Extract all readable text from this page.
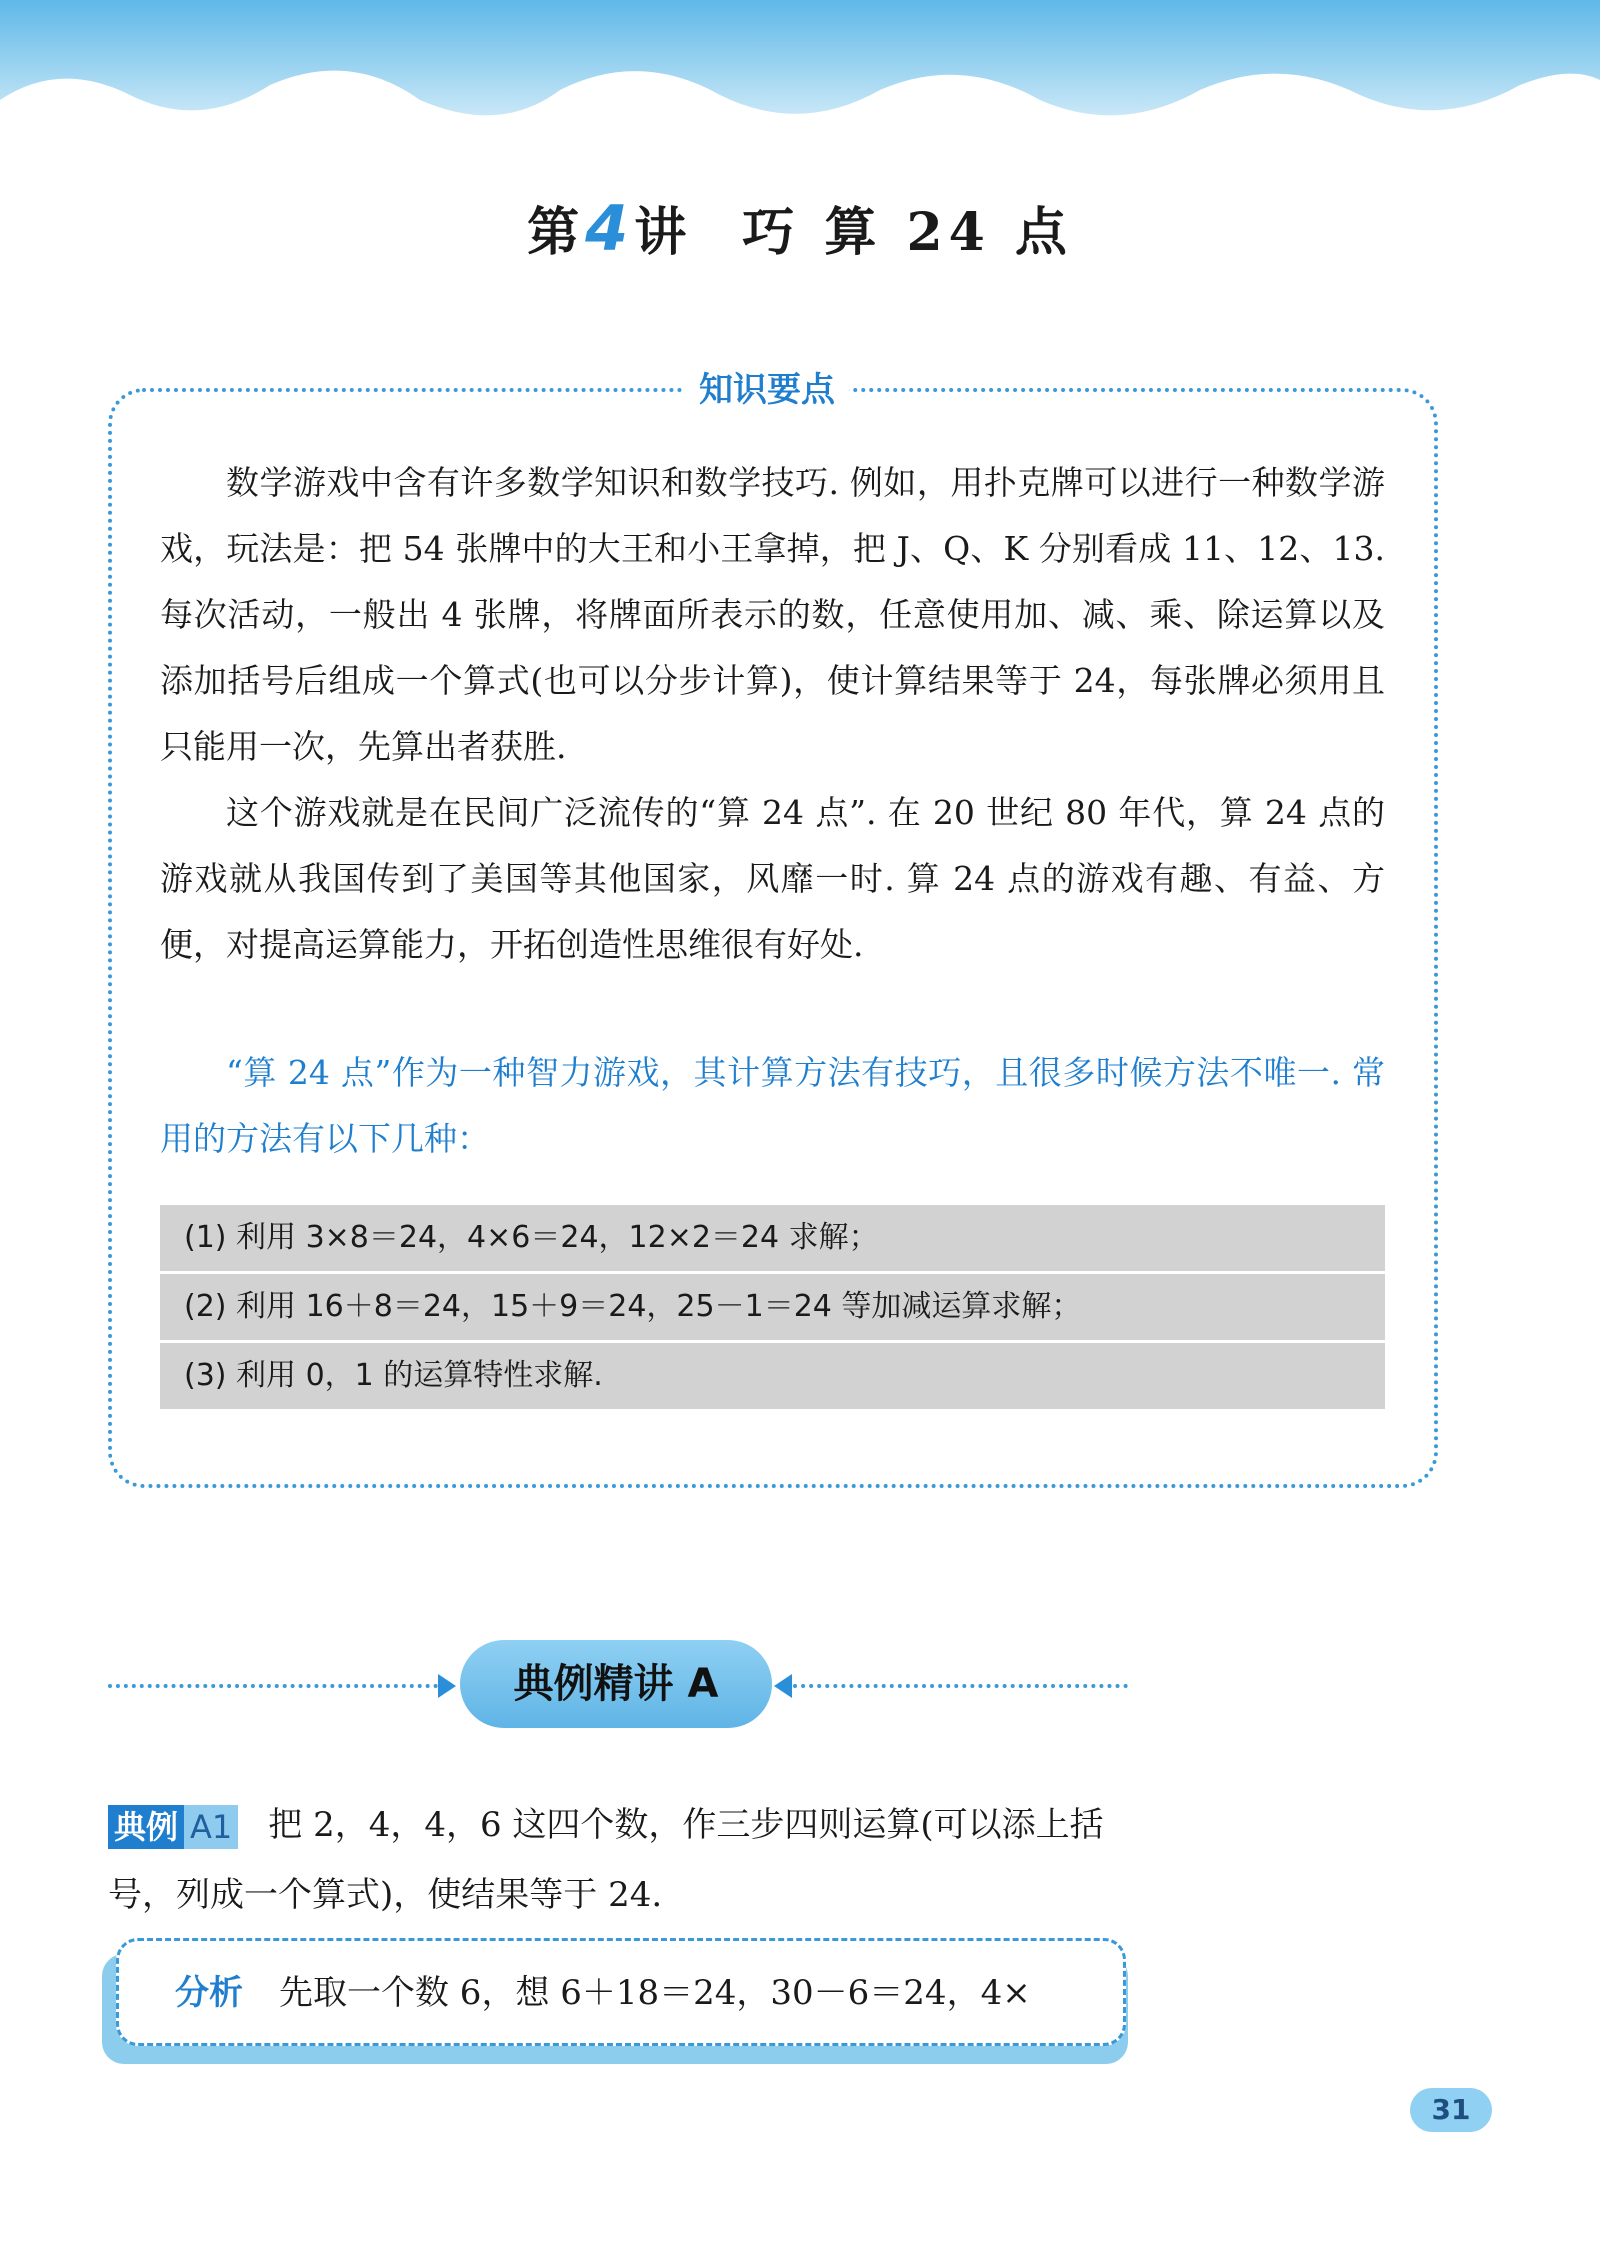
第4讲 巧 算 24 点
知识要点
数学游戏中含有许多数学知识和数学技巧. 例如，用扑克牌可以进行一种数学游戏，玩法是：把 54 张牌中的大王和小王拿掉，把 J、Q、K 分别看成 11、12、13. 每次活动，一般出 4 张牌，将牌面所表示的数，任意使用加、减、乘、除运算以及添加括号后组成一个算式(也可以分步计算)，使计算结果等于 24，每张牌必须用且只能用一次，先算出者获胜.
这个游戏就是在民间广泛流传的“算 24 点”. 在 20 世纪 80 年代，算 24 点的游戏就从我国传到了美国等其他国家，风靡一时. 算 24 点的游戏有趣、有益、方便，对提高运算能力，开拓创造性思维很有好处.
“算 24 点”作为一种智力游戏，其计算方法有技巧，且很多时候方法不唯一. 常用的方法有以下几种：
(1) 利用 3×8＝24，4×6＝24，12×2＝24 求解；
(2) 利用 16＋8＝24，15＋9＝24，25－1＝24 等加减运算求解；
(3) 利用 0，1 的运算特性求解.
典例精讲 A
典例 A1 把 2，4，4，6 这四个数，作三步四则运算(可以添上括号，列成一个算式)，使结果等于 24.
分析 先取一个数 6，想 6＋18＝24，30－6＝24，4×
31
